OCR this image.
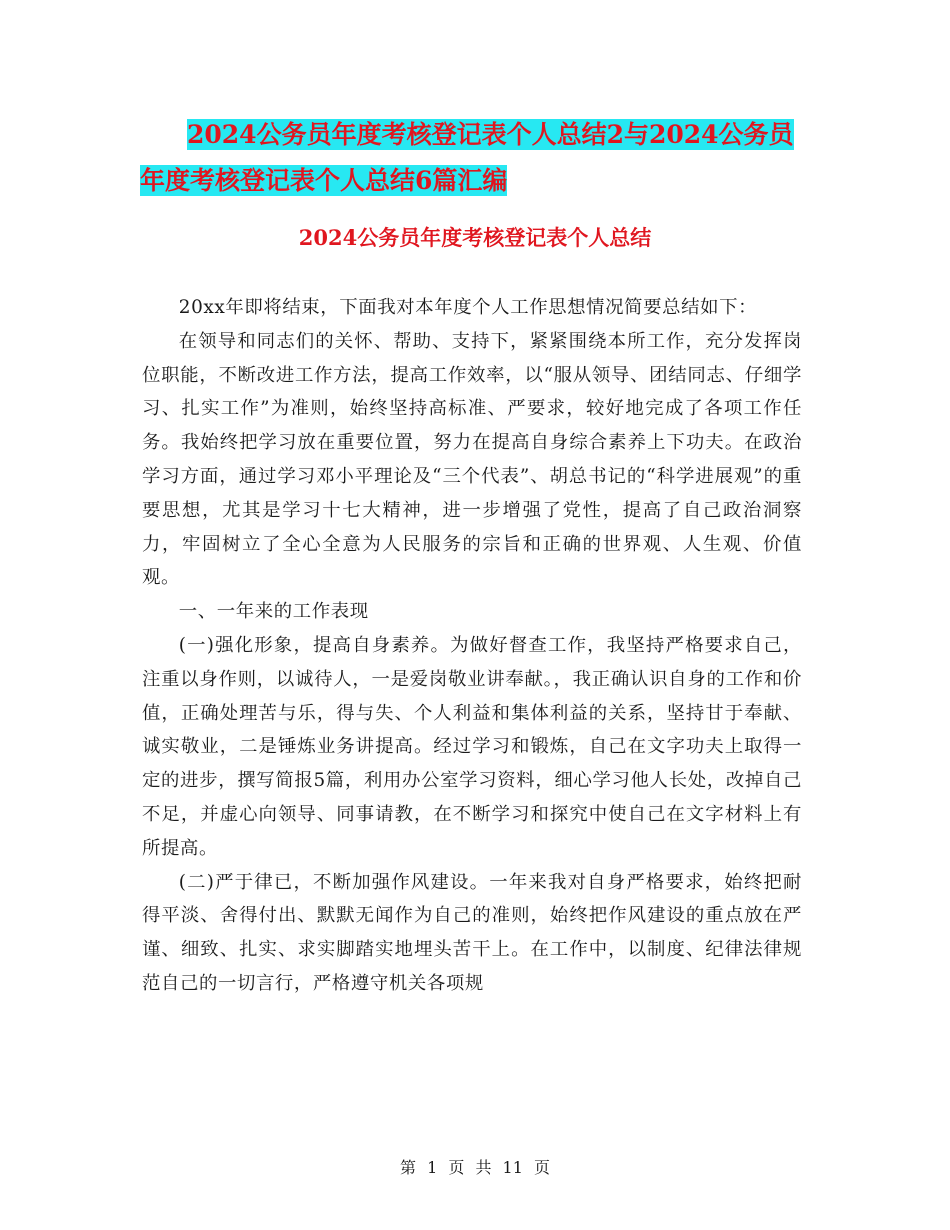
2024公务员年度考核登记表个人总结2与2024公务员
年度考核登记表个人总结6篇汇编
2024公务员年度考核登记表个人总结

20xx年即将结束，下面我对本年度个人工作思想情况简要总结如下：

在领导和同志们的关怀、帮助、支持下，紧紧围绕本所工作，充分发挥岗位职能，不断改进工作方法，提高工作效率，以“服从领导、团结同志、仔细学习、扎实工作”为准则，始终坚持高标准、严要求，较好地完成了各项工作任务。我始终把学习放在重要位置，努力在提高自身综合素养上下功夫。在政治学习方面，通过学习邓小平理论及“三个代表”、胡总书记的“科学进展观”的重要思想，尤其是学习十七大精神，进一步增强了党性，提高了自己政治洞察力，牢固树立了全心全意为人民服务的宗旨和正确的世界观、人生观、价值观。

一、一年来的工作表现

(一)强化形象，提高自身素养。为做好督查工作，我坚持严格要求自己，注重以身作则，以诚待人，一是爱岗敬业讲奉献。，我正确认识自身的工作和价值，正确处理苦与乐，得与失、个人利益和集体利益的关系，坚持甘于奉献、诚实敬业，二是锤炼业务讲提高。经过学习和锻炼，自己在文字功夫上取得一定的进步，撰写简报5篇，利用办公室学习资料，细心学习他人长处，改掉自己不足，并虚心向领导、同事请教，在不断学习和探究中使自己在文字材料上有所提高。

(二)严于律已，不断加强作风建设。一年来我对自身严格要求，始终把耐得平淡、舍得付出、默默无闻作为自己的准则，始终把作风建设的重点放在严谨、细致、扎实、求实脚踏实地埋头苦干上。在工作中，以制度、纪律法律规范自己的一切言行，严格遵守机关各项规

第 1 页 共 11 页
